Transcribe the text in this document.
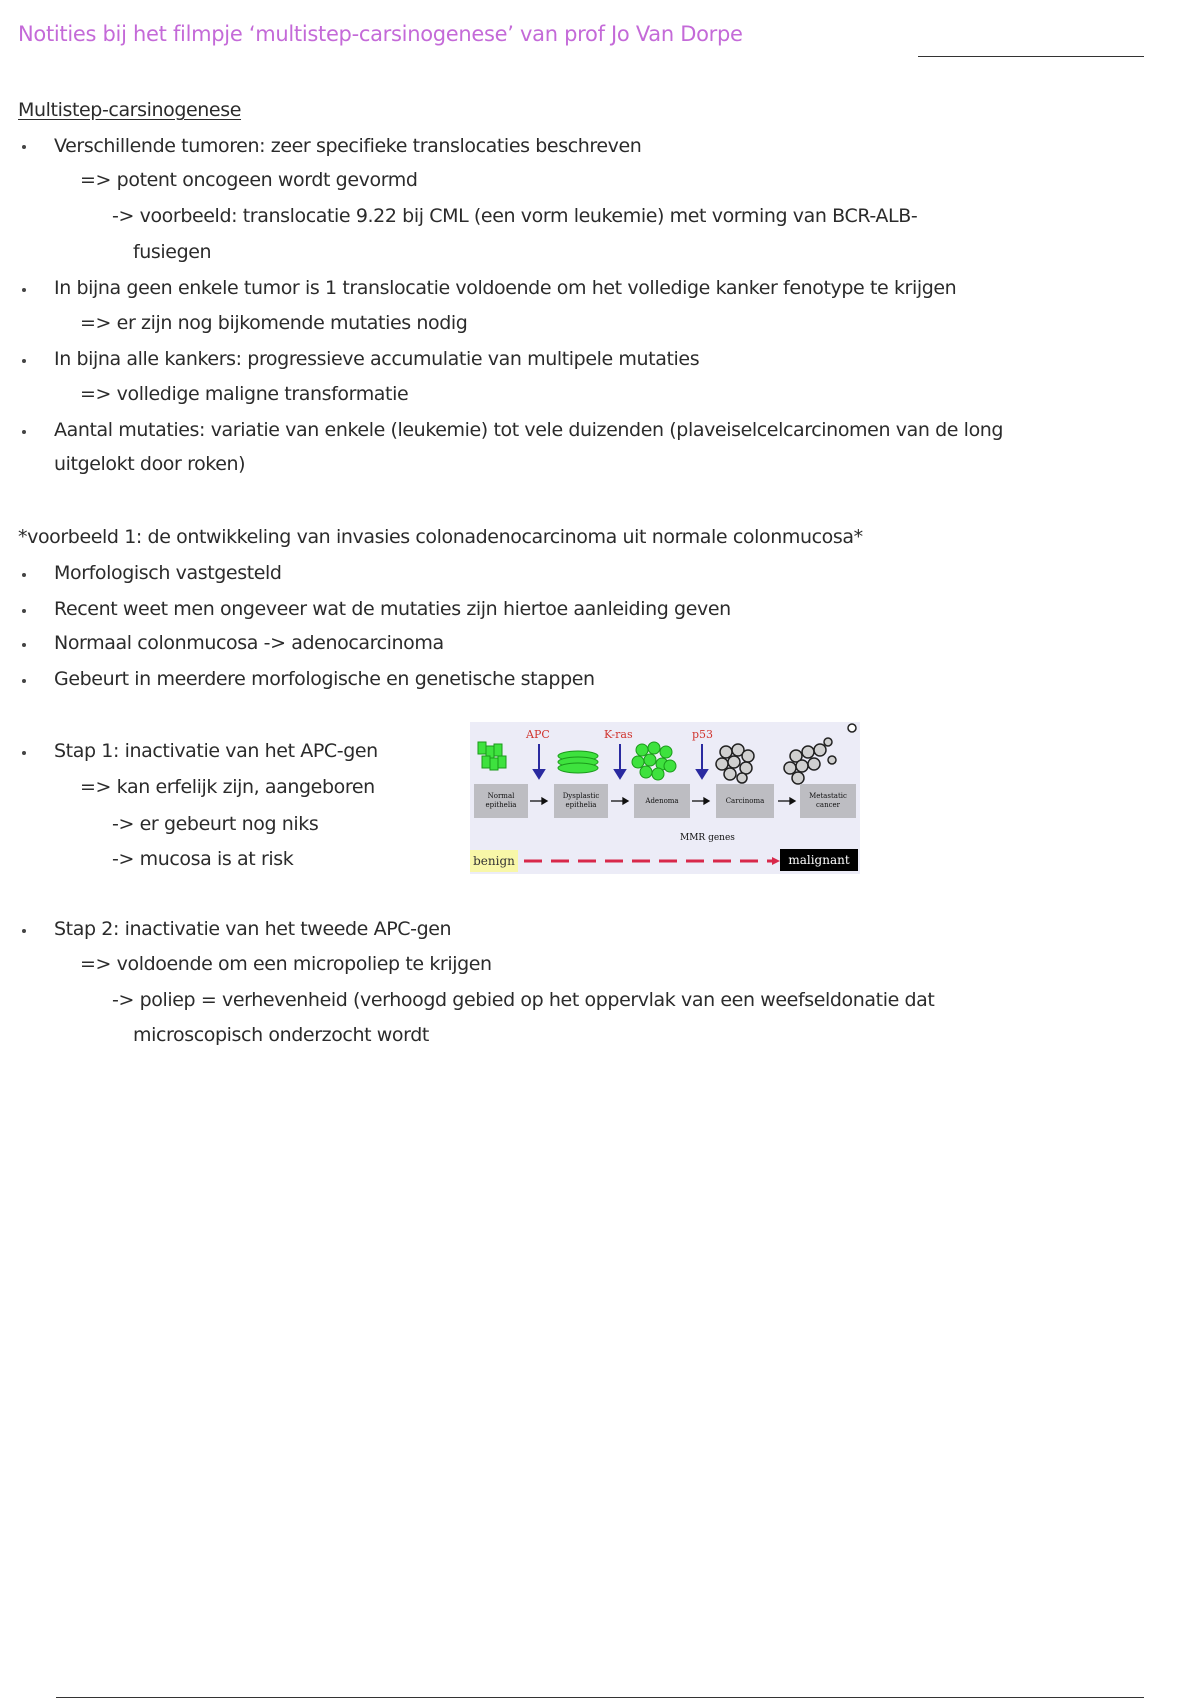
Notities bij het filmpje ‘multistep-carsinogenese’ van prof Jo Van Dorpe
Multistep-carsinogenese
Verschillende tumoren: zeer specifieke translocaties beschreven
=> potent oncogeen wordt gevormd
-> voorbeeld: translocatie 9.22 bij CML (een vorm leukemie) met vorming van BCR-ALB-
fusiegen
In bijna geen enkele tumor is 1 translocatie voldoende om het volledige kanker fenotype te krijgen
=> er zijn nog bijkomende mutaties nodig
In bijna alle kankers: progressieve accumulatie van multipele mutaties
=> volledige maligne transformatie
Aantal mutaties: variatie van enkele (leukemie) tot vele duizenden (plaveiselcelcarcinomen van de long
uitgelokt door roken)
*voorbeeld 1: de ontwikkeling van invasies colonadenocarcinoma uit normale colonmucosa*
Morfologisch vastgesteld
Recent weet men ongeveer wat de mutaties zijn hiertoe aanleiding geven
Normaal colonmucosa -> adenocarcinoma
Gebeurt in meerdere morfologische en genetische stappen
Stap 1: inactivatie van het APC-gen
=> kan erfelijk zijn, aangeboren
-> er gebeurt nog niks
-> mucosa is at risk
APC	K-ras	p53
Normal epithelia
Dysplastic epithelia
Adenoma	Carcinoma
Metastatic cancer
MMR genes
benign	malignant
Stap 2: inactivatie van het tweede APC-gen
=> voldoende om een micropoliep te krijgen
-> poliep = verhevenheid (verhoogd gebied op het oppervlak van een weefseldonatie dat
microscopisch onderzocht wordt
